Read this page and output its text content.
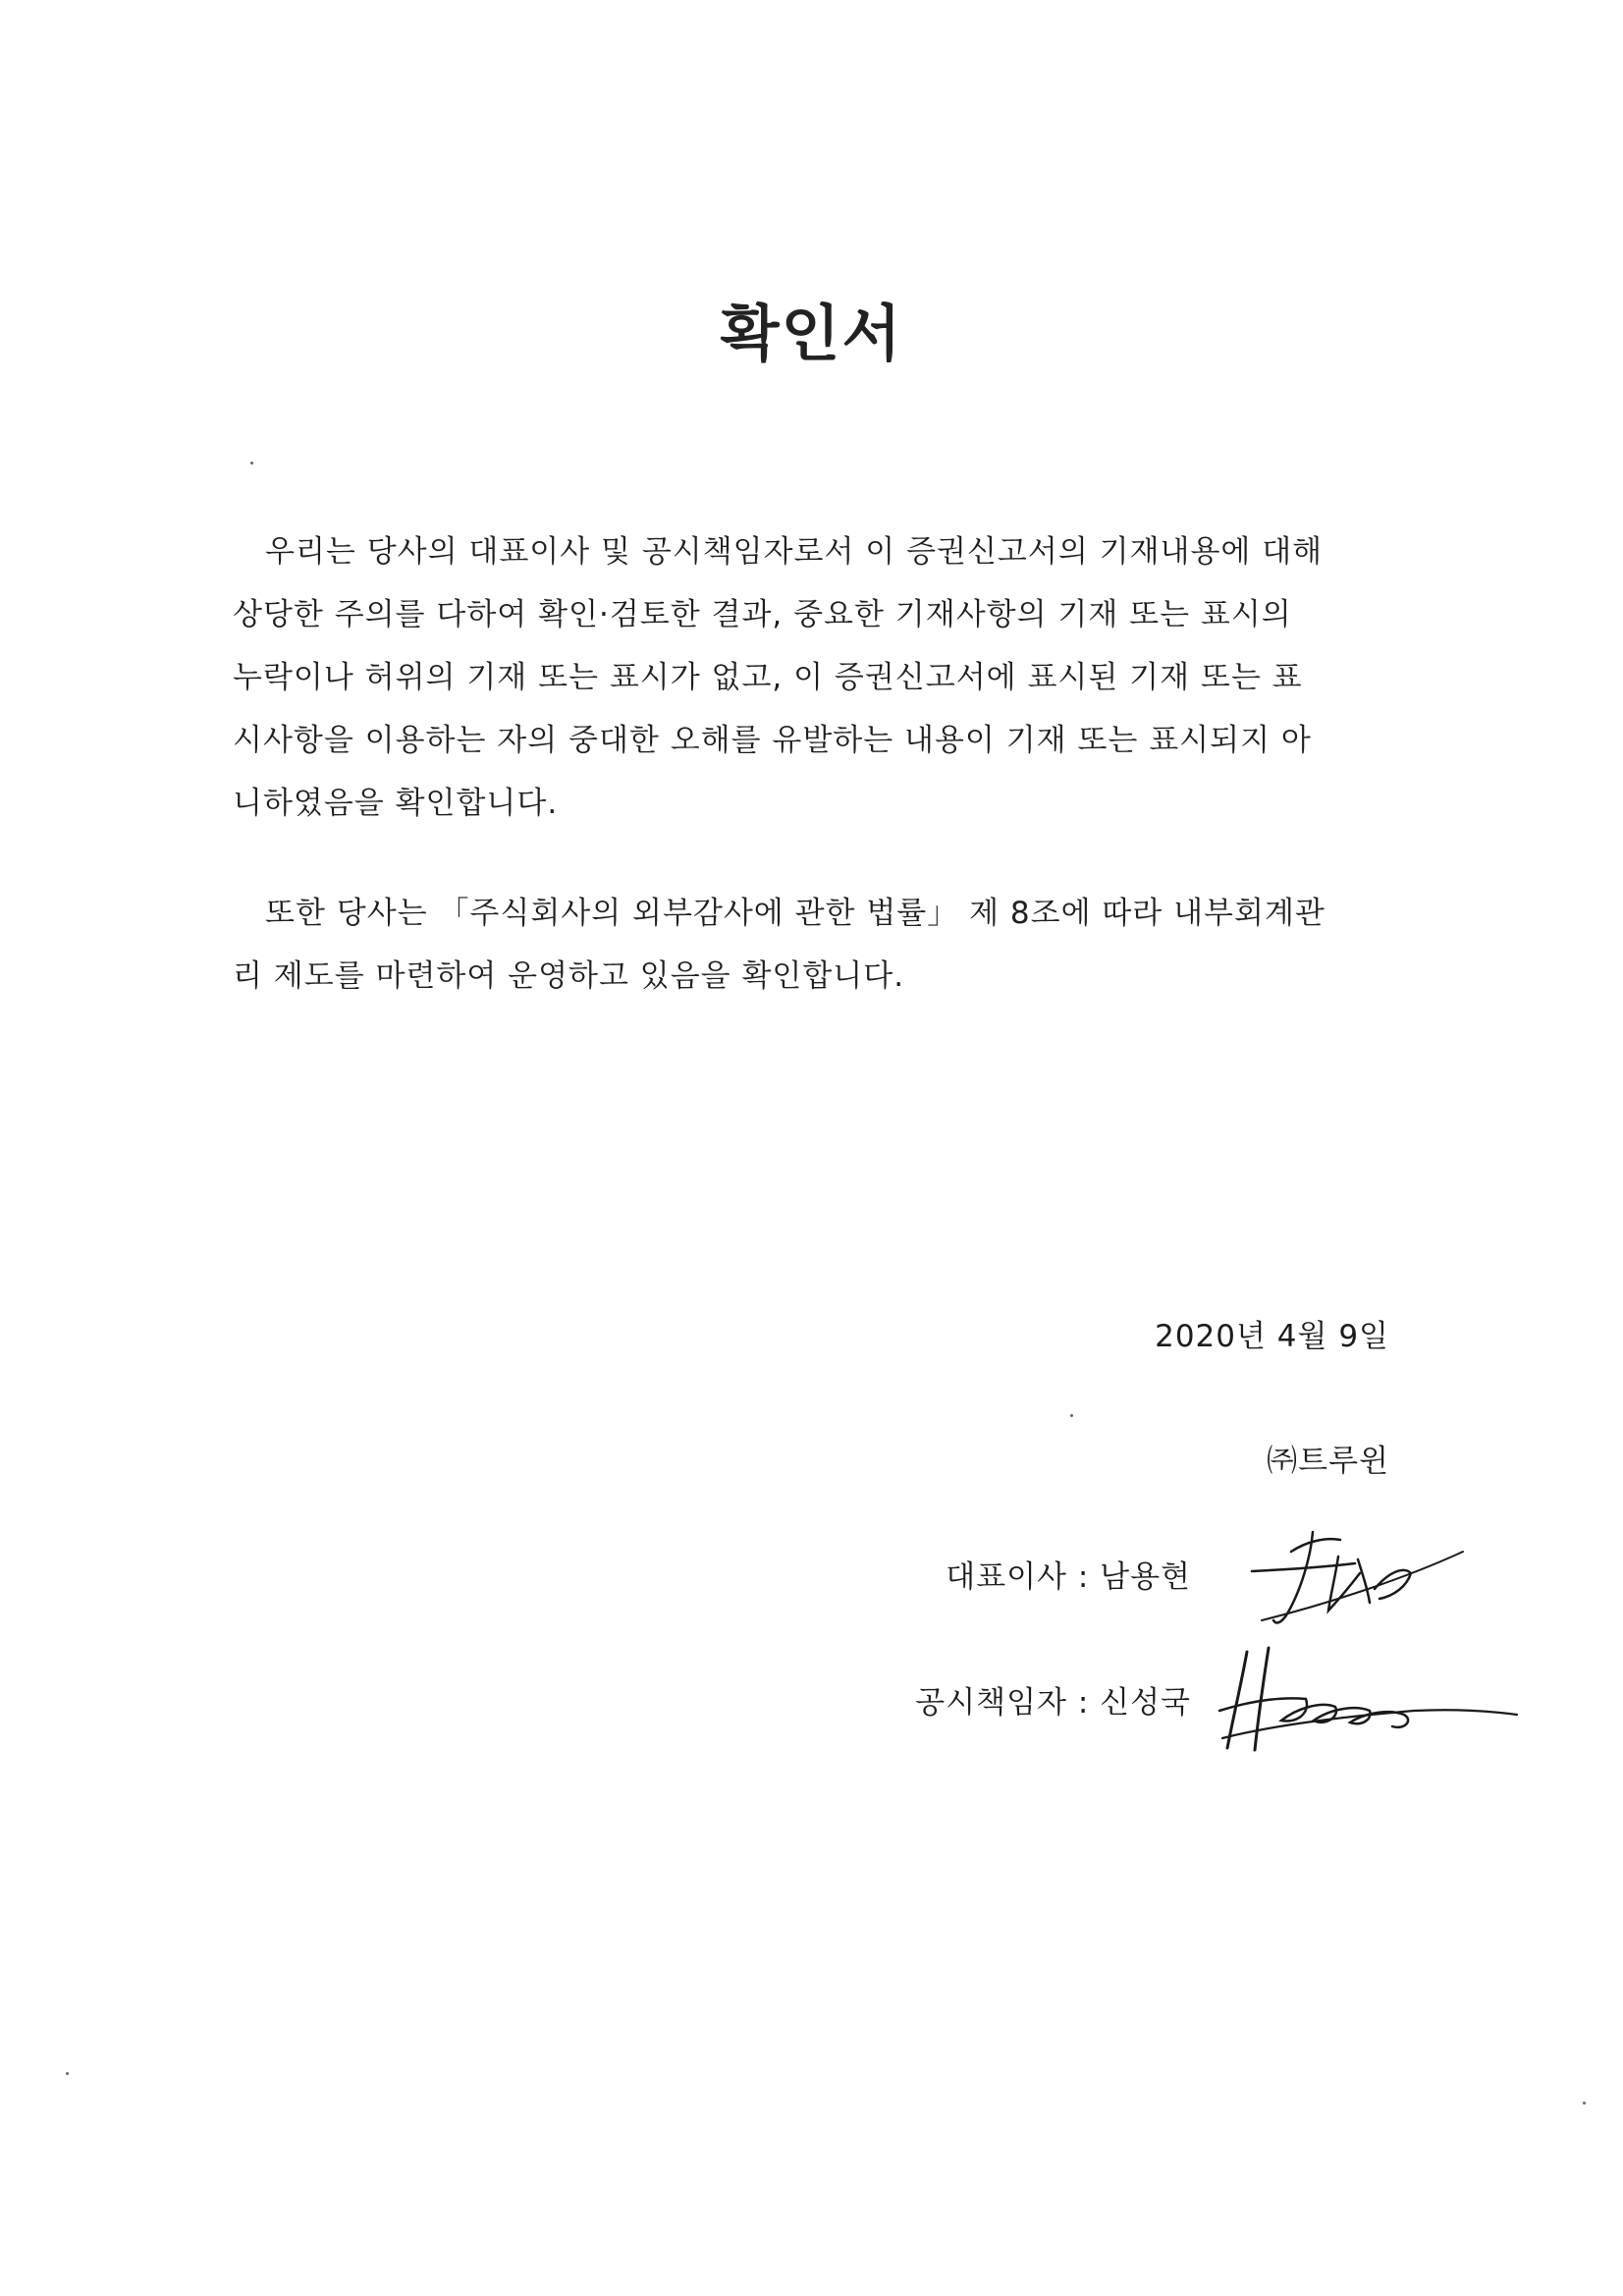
확인서
우리는 당사의 대표이사 및 공시책임자로서 이 증권신고서의 기재내용에 대해
상당한 주의를 다하여 확인·검토한 결과, 중요한 기재사항의 기재 또는 표시의
누락이나 허위의 기재 또는 표시가 없고, 이 증권신고서에 표시된 기재 또는 표
시사항을 이용하는 자의 중대한 오해를 유발하는 내용이 기재 또는 표시되지 아
니하였음을 확인합니다.
또한 당사는 「주식회사의 외부감사에 관한 법률」 제 8조에 따라 내부회계관
리 제도를 마련하여 운영하고 있음을 확인합니다.
2020년 4월 9일
㈜트루윈
대표이사 : 남용현
공시책임자 : 신성국
